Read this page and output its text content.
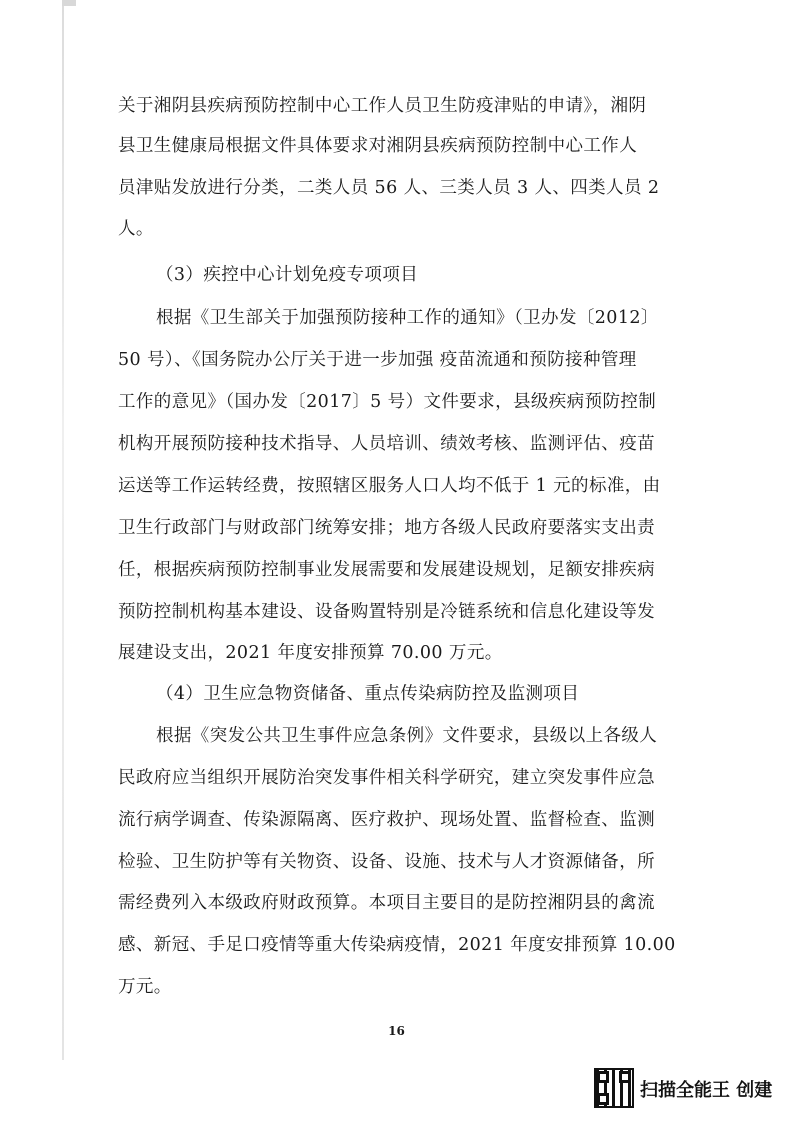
关于湘阴县疾病预防控制中心工作人员卫生防疫津贴的申请》，湘阴
县卫生健康局根据文件具体要求对湘阴县疾病预防控制中心工作人
员津贴发放进行分类，二类人员 56 人、三类人员 3 人、四类人员 2
人。
（3）疾控中心计划免疫专项项目
根据《卫生部关于加强预防接种工作的通知》（卫办发〔2012〕
50 号）、《国务院办公厅关于进一步加强 疫苗流通和预防接种管理
工作的意见》（国办发〔2017〕5 号）文件要求，县级疾病预防控制
机构开展预防接种技术指导、人员培训、绩效考核、监测评估、疫苗
运送等工作运转经费，按照辖区服务人口人均不低于 1 元的标准，由
卫生行政部门与财政部门统筹安排；地方各级人民政府要落实支出责
任，根据疾病预防控制事业发展需要和发展建设规划，足额安排疾病
预防控制机构基本建设、设备购置特别是冷链系统和信息化建设等发
展建设支出，2021 年度安排预算 70.00 万元。
（4）卫生应急物资储备、重点传染病防控及监测项目
根据《突发公共卫生事件应急条例》文件要求，县级以上各级人
民政府应当组织开展防治突发事件相关科学研究，建立突发事件应急
流行病学调查、传染源隔离、医疗救护、现场处置、监督检查、监测
检验、卫生防护等有关物资、设备、设施、技术与人才资源储备，所
需经费列入本级政府财政预算。本项目主要目的是防控湘阴县的禽流
感、新冠、手足口疫情等重大传染病疫情，2021 年度安排预算 10.00
万元。
16
扫描全能王 创建
